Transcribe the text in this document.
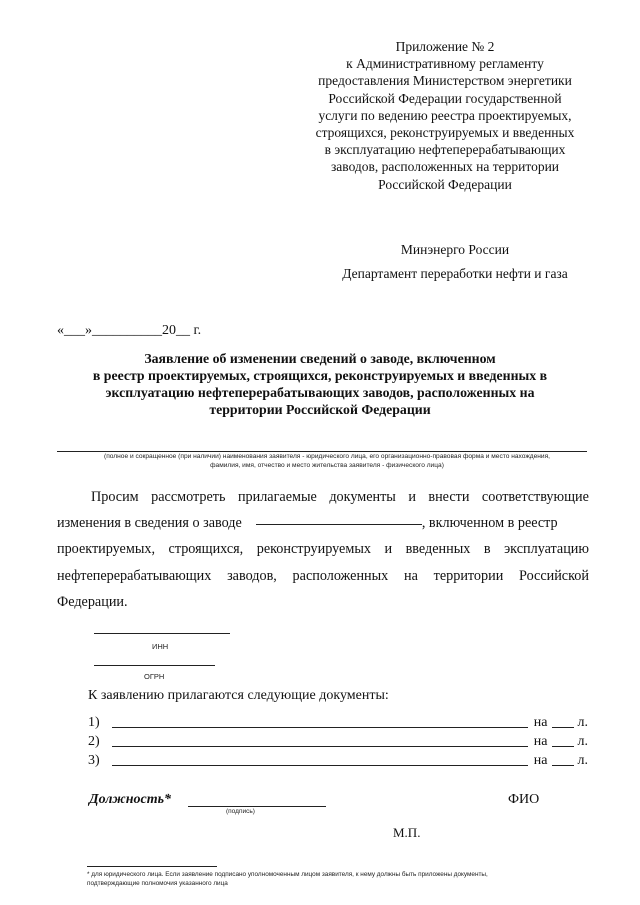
Приложение № 2
к Административному регламенту
предоставления Министерством энергетики
Российской Федерации государственной
услуги по ведению реестра проектируемых,
строящихся, реконструируемых и введенных
в эксплуатацию нефтеперерабатывающих
заводов, расположенных на территории
Российской Федерации
Минэнерго России
Департамент переработки нефти и газа
«___»__________20__ г.
Заявление об изменении сведений о заводе, включенном
в реестр проектируемых, строящихся, реконструируемых и введенных в
эксплуатацию нефтеперерабатывающих заводов, расположенных на
территории Российской Федерации
(полное и сокращенное (при наличии) наименования заявителя - юридического лица, его организационно-правовая форма и место нахождения,
фамилия, имя, отчество и место жительства заявителя - физического лица)
Просим рассмотреть прилагаемые документы и внести соответствующие
изменения в сведения о заводе	, включенном в реестр
проектируемых, строящихся, реконструируемых и введенных в эксплуатацию
нефтеперерабатывающих заводов, расположенных на территории Российской
Федерации.
ИНН
ОГРН
К заявлению прилагаются следующие документы:
1)	на л.
2)	на л.
3)	на л.
Должность*
(подпись)
ФИО
М.П.
* для юридического лица. Если заявление подписано уполномоченным лицом заявителя, к нему должны быть приложены документы,
подтверждающие полномочия указанного лица
